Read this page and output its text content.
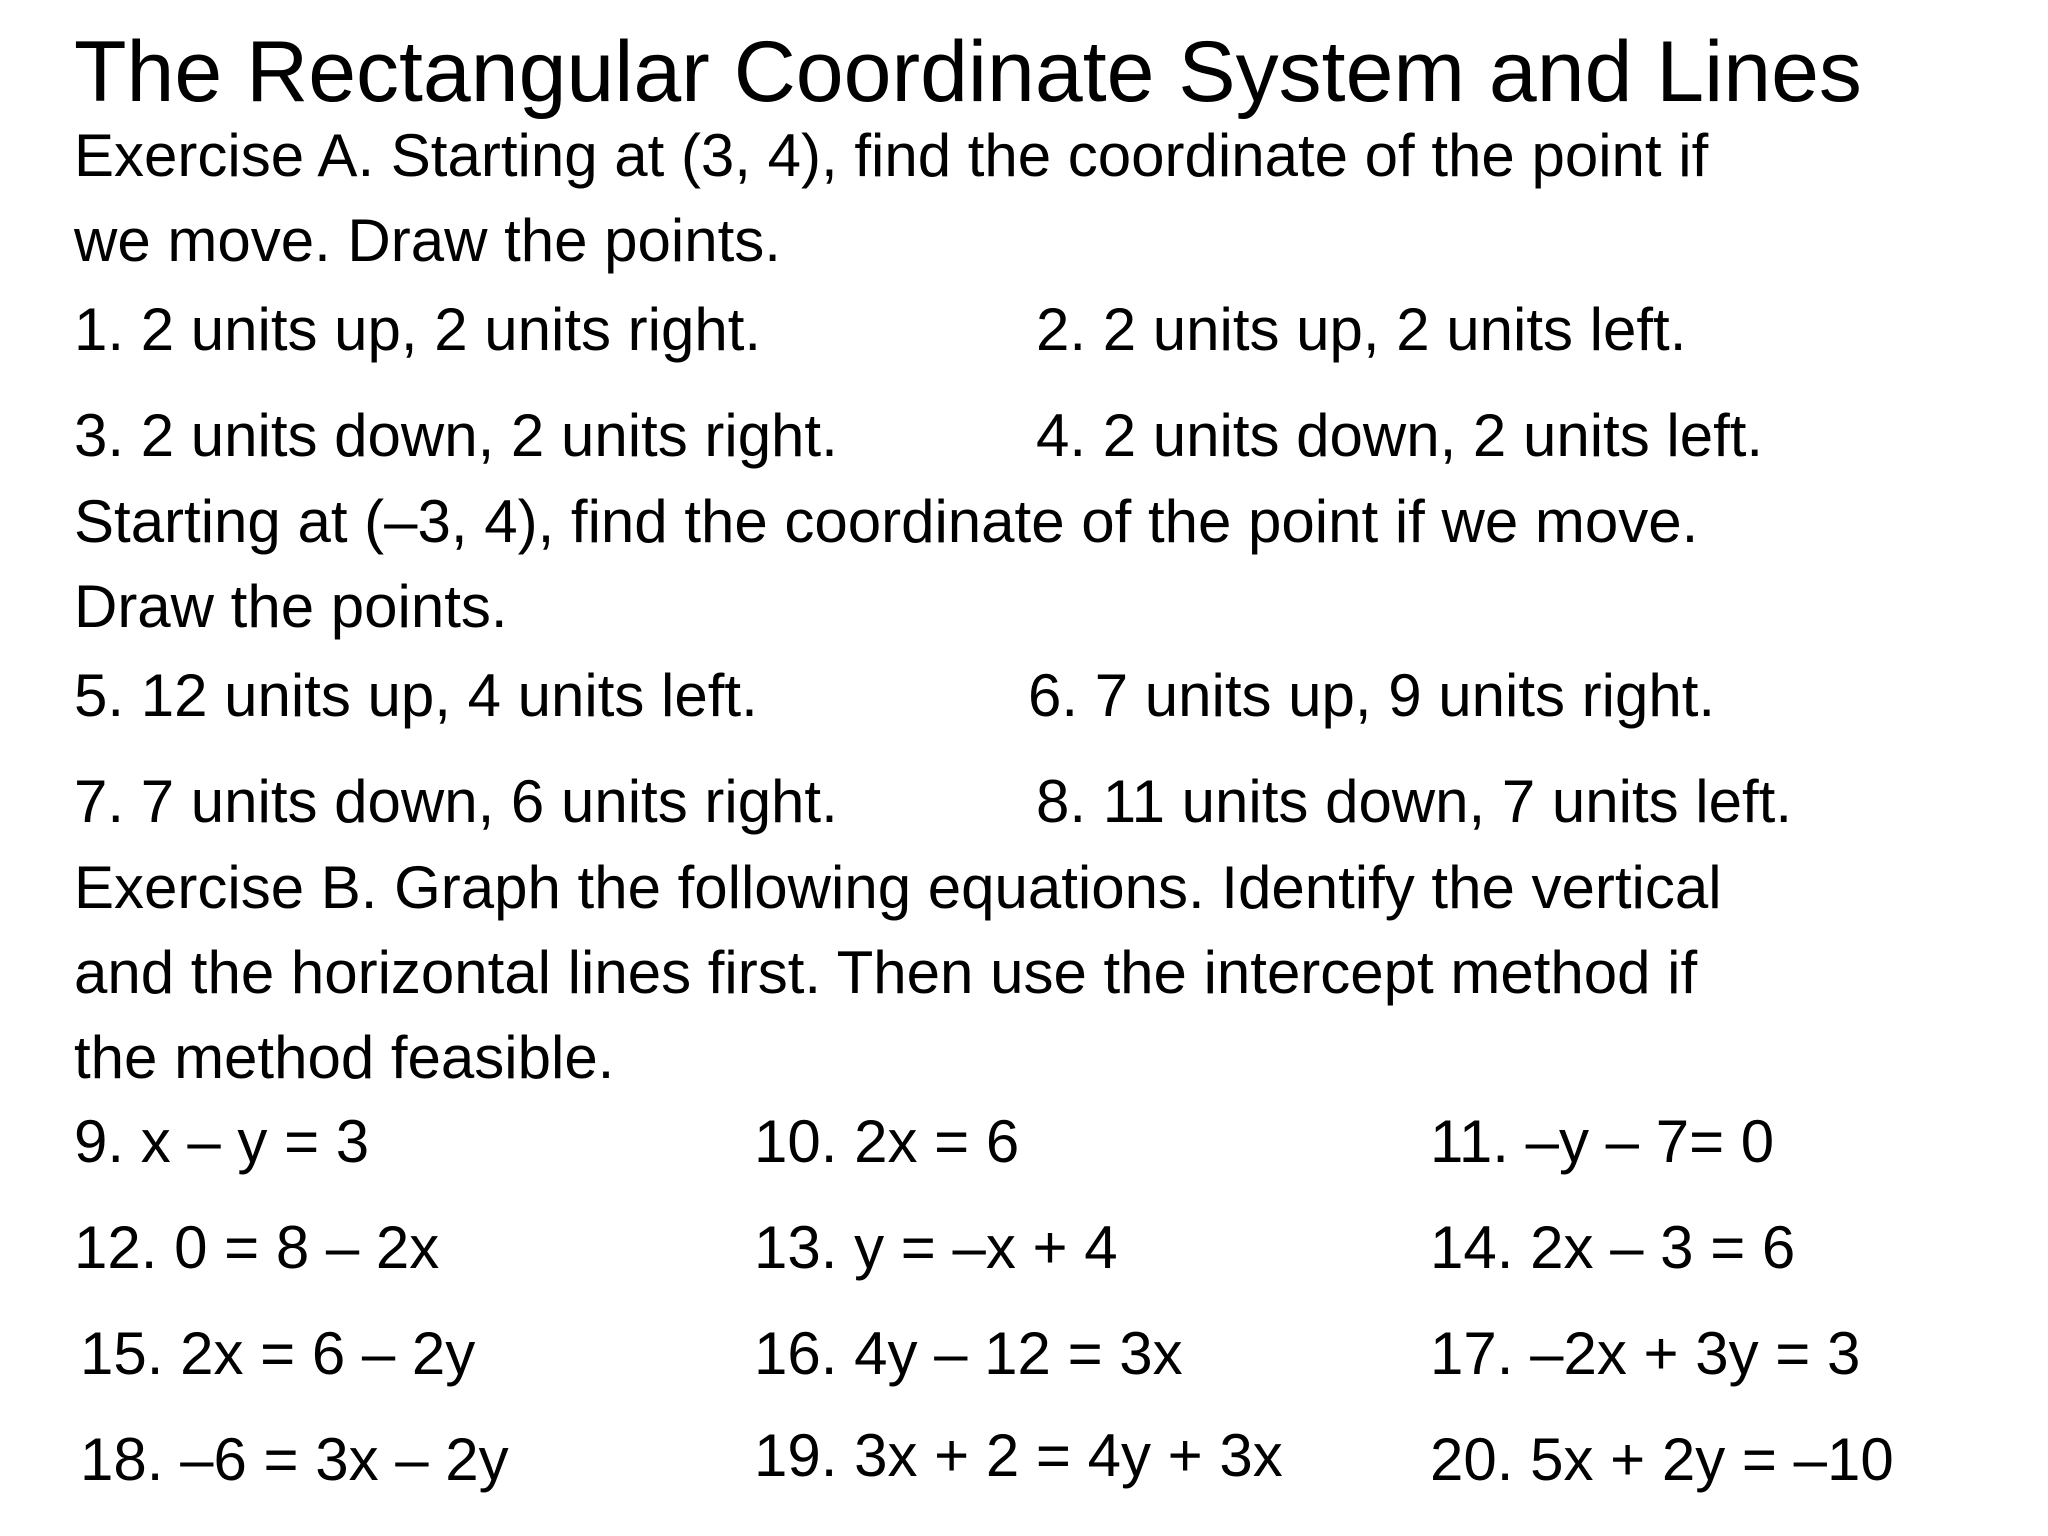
The Rectangular Coordinate System and Lines
Exercise A. Starting at (3, 4), find the coordinate of the point if
we move. Draw the points.
1. 2 units up, 2 units right.	2. 2 units up, 2 units left.
3. 2 units down, 2 units right.	4. 2 units down, 2 units left.
Starting at (–3, 4), find the coordinate of the point if we move.
Draw the points.
5. 12 units up, 4 units left.	6. 7 units up, 9 units right.
7. 7 units down, 6 units right.	8. 11 units down, 7 units left.
Exercise B. Graph the following equations. Identify the vertical
and the horizontal lines first. Then use the intercept method if
the method feasible.
9. x – y = 3	10. 2x = 6	11. –y – 7= 0
12. 0 = 8 – 2x	13. y = –x + 4	14. 2x – 3 = 6
15. 2x = 6 – 2y	16. 4y – 12 = 3x	17. –2x + 3y = 3
18. –6 = 3x – 2y	19. 3x + 2 = 4y + 3x 20. 5x + 2y = –10
